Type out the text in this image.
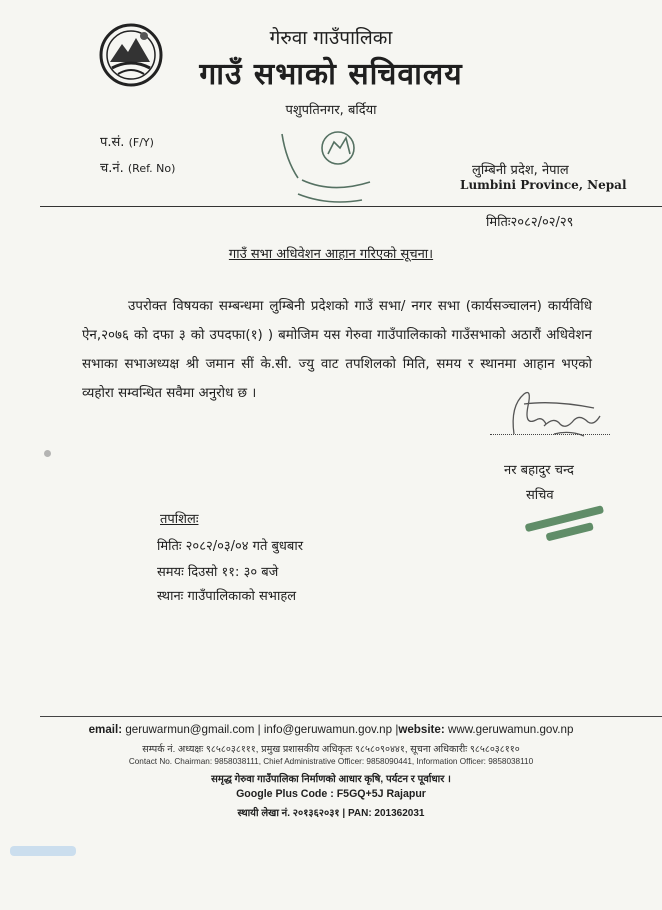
गेरुवा गाउँपालिका
गाउँ सभाको सचिवालय
पशुपतिनगर, बर्दिया
प.सं. (F/Y)
च.नं. (Ref. No)	लुम्बिनी प्रदेश, नेपाल
Lumbini Province, Nepal
मितिः२०८२/०२/२९
गाउँ सभा अधिवेशन आहान गरिएको सूचना।
उपरोक्त विषयका सम्बन्धमा लुम्बिनी प्रदेशको गाउँ सभा/ नगर सभा (कार्यसञ्चालन) कार्यविधि ऐन,२०७६ को दफा ३ को उपदफा(१) ) बमोजिम यस गेरुवा गाउँपालिकाको गाउँसभाको अठारौं अधिवेशन सभाका सभाअध्यक्ष श्री जमान सीं के.सी. ज्यु वाट तपशिलको मिति, समय र स्थानमा आहान भएको व्यहोरा सम्वन्धित सवैमा अनुरोध छ ।
नर बहादुर चन्द
सचिव
तपशिलः
मितिः २०८२/०३/०४ गते बुधबार
समयः दिउसो ११: ३० बजे
स्थानः गाउँपालिकाको सभाहल
email: geruwarmun@gmail.com | info@geruwamun.gov.np |website: www.geruwamun.gov.np
सम्पर्क नं. अध्यक्षः ९८५८०३८१११, प्रमुख प्रशासकीय अधिकृतः ९८५८०९०४४१, सूचना अधिकारीः ९८५८०३८११०
Contact No. Chairman: 9858038111, Chief Administrative Officer: 9858090441, Information Officer: 9858038110
समृद्ध गेरुवा गाउँपालिका निर्माणको आधार कृषि, पर्यटन र पूर्वाधार ।
Google Plus Code : F5GQ+5J Rajapur
स्थायी लेखा नं. २०१३६२०३१ | PAN: 201362031
